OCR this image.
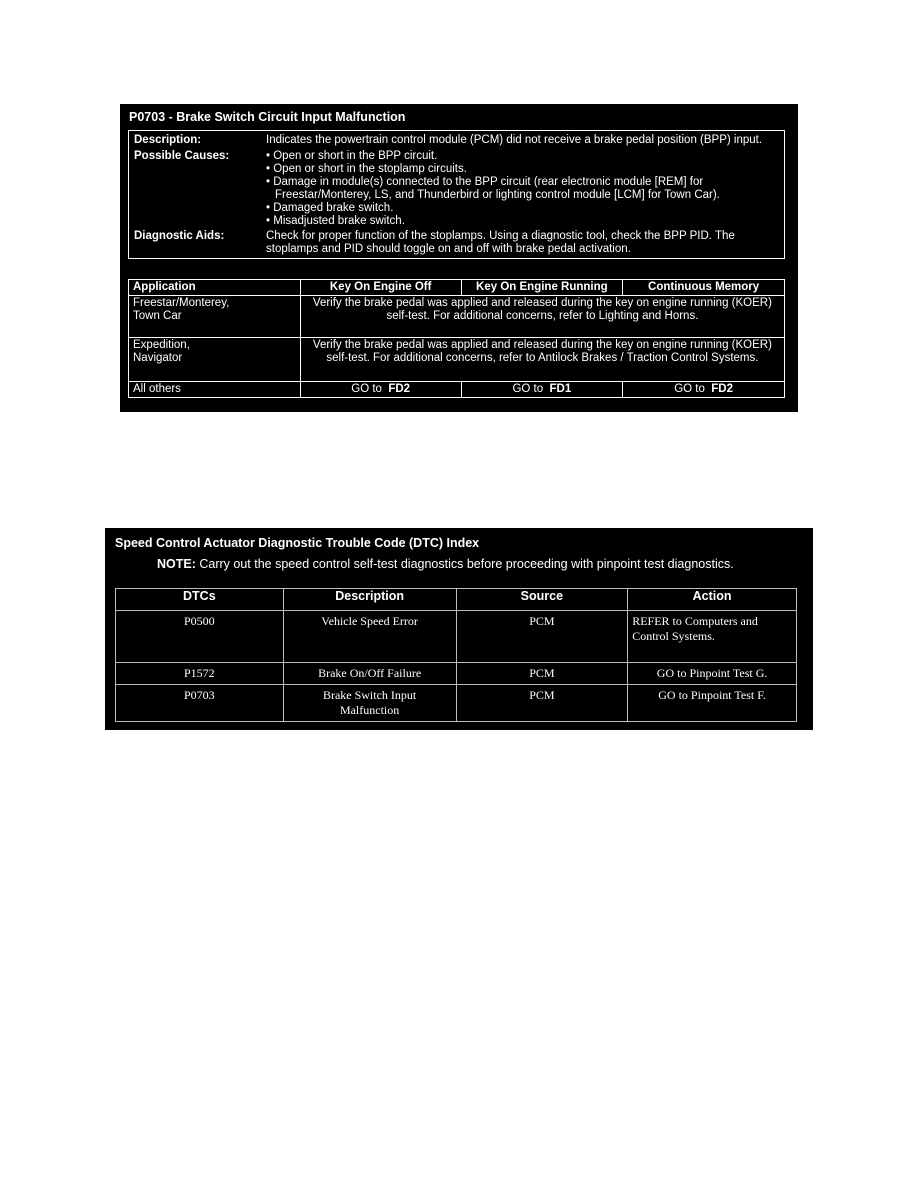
P0703 - Brake Switch Circuit Input Malfunction
Description:	Indicates the powertrain control module (PCM) did not receive a brake pedal position (BPP) input.
Possible Causes:	• Open or short in the BPP circuit.
• Open or short in the stoplamp circuits.
• Damage in module(s) connected to the BPP circuit (rear electronic module [REM] for Freestar/Monterey, LS, and Thunderbird or lighting control module [LCM] for Town Car).
• Damaged brake switch.
• Misadjusted brake switch.
Diagnostic Aids:	Check for proper function of the stoplamps. Using a diagnostic tool, check the BPP PID. The stoplamps and PID should toggle on and off with brake pedal activation.
Application	Key On Engine Off	Key On Engine Running	Continuous Memory

Freestar/Monterey, Town Car	Verify the brake pedal was applied and released during the key on engine running (KOER) self-test. For additional concerns, refer to Lighting and Horns.		

Expedition, Navigator	Verify the brake pedal was applied and released during the key on engine running (KOER) self-test. For additional concerns, refer to Antilock Brakes / Traction Control Systems.		
All others	GO to FD2	GO to FD1	GO to FD2
Speed Control Actuator Diagnostic Trouble Code (DTC) Index
NOTE: Carry out the speed control self-test diagnostics before proceeding with pinpoint test diagnostics.
DTCs	Description	Source	Action
P0500	Vehicle Speed Error	PCM	REFER to Computers and Control Systems.
P1572	Brake On/Off Failure	PCM	GO to Pinpoint Test G.
P0703	Brake Switch Input Malfunction	PCM	GO to Pinpoint Test F.
